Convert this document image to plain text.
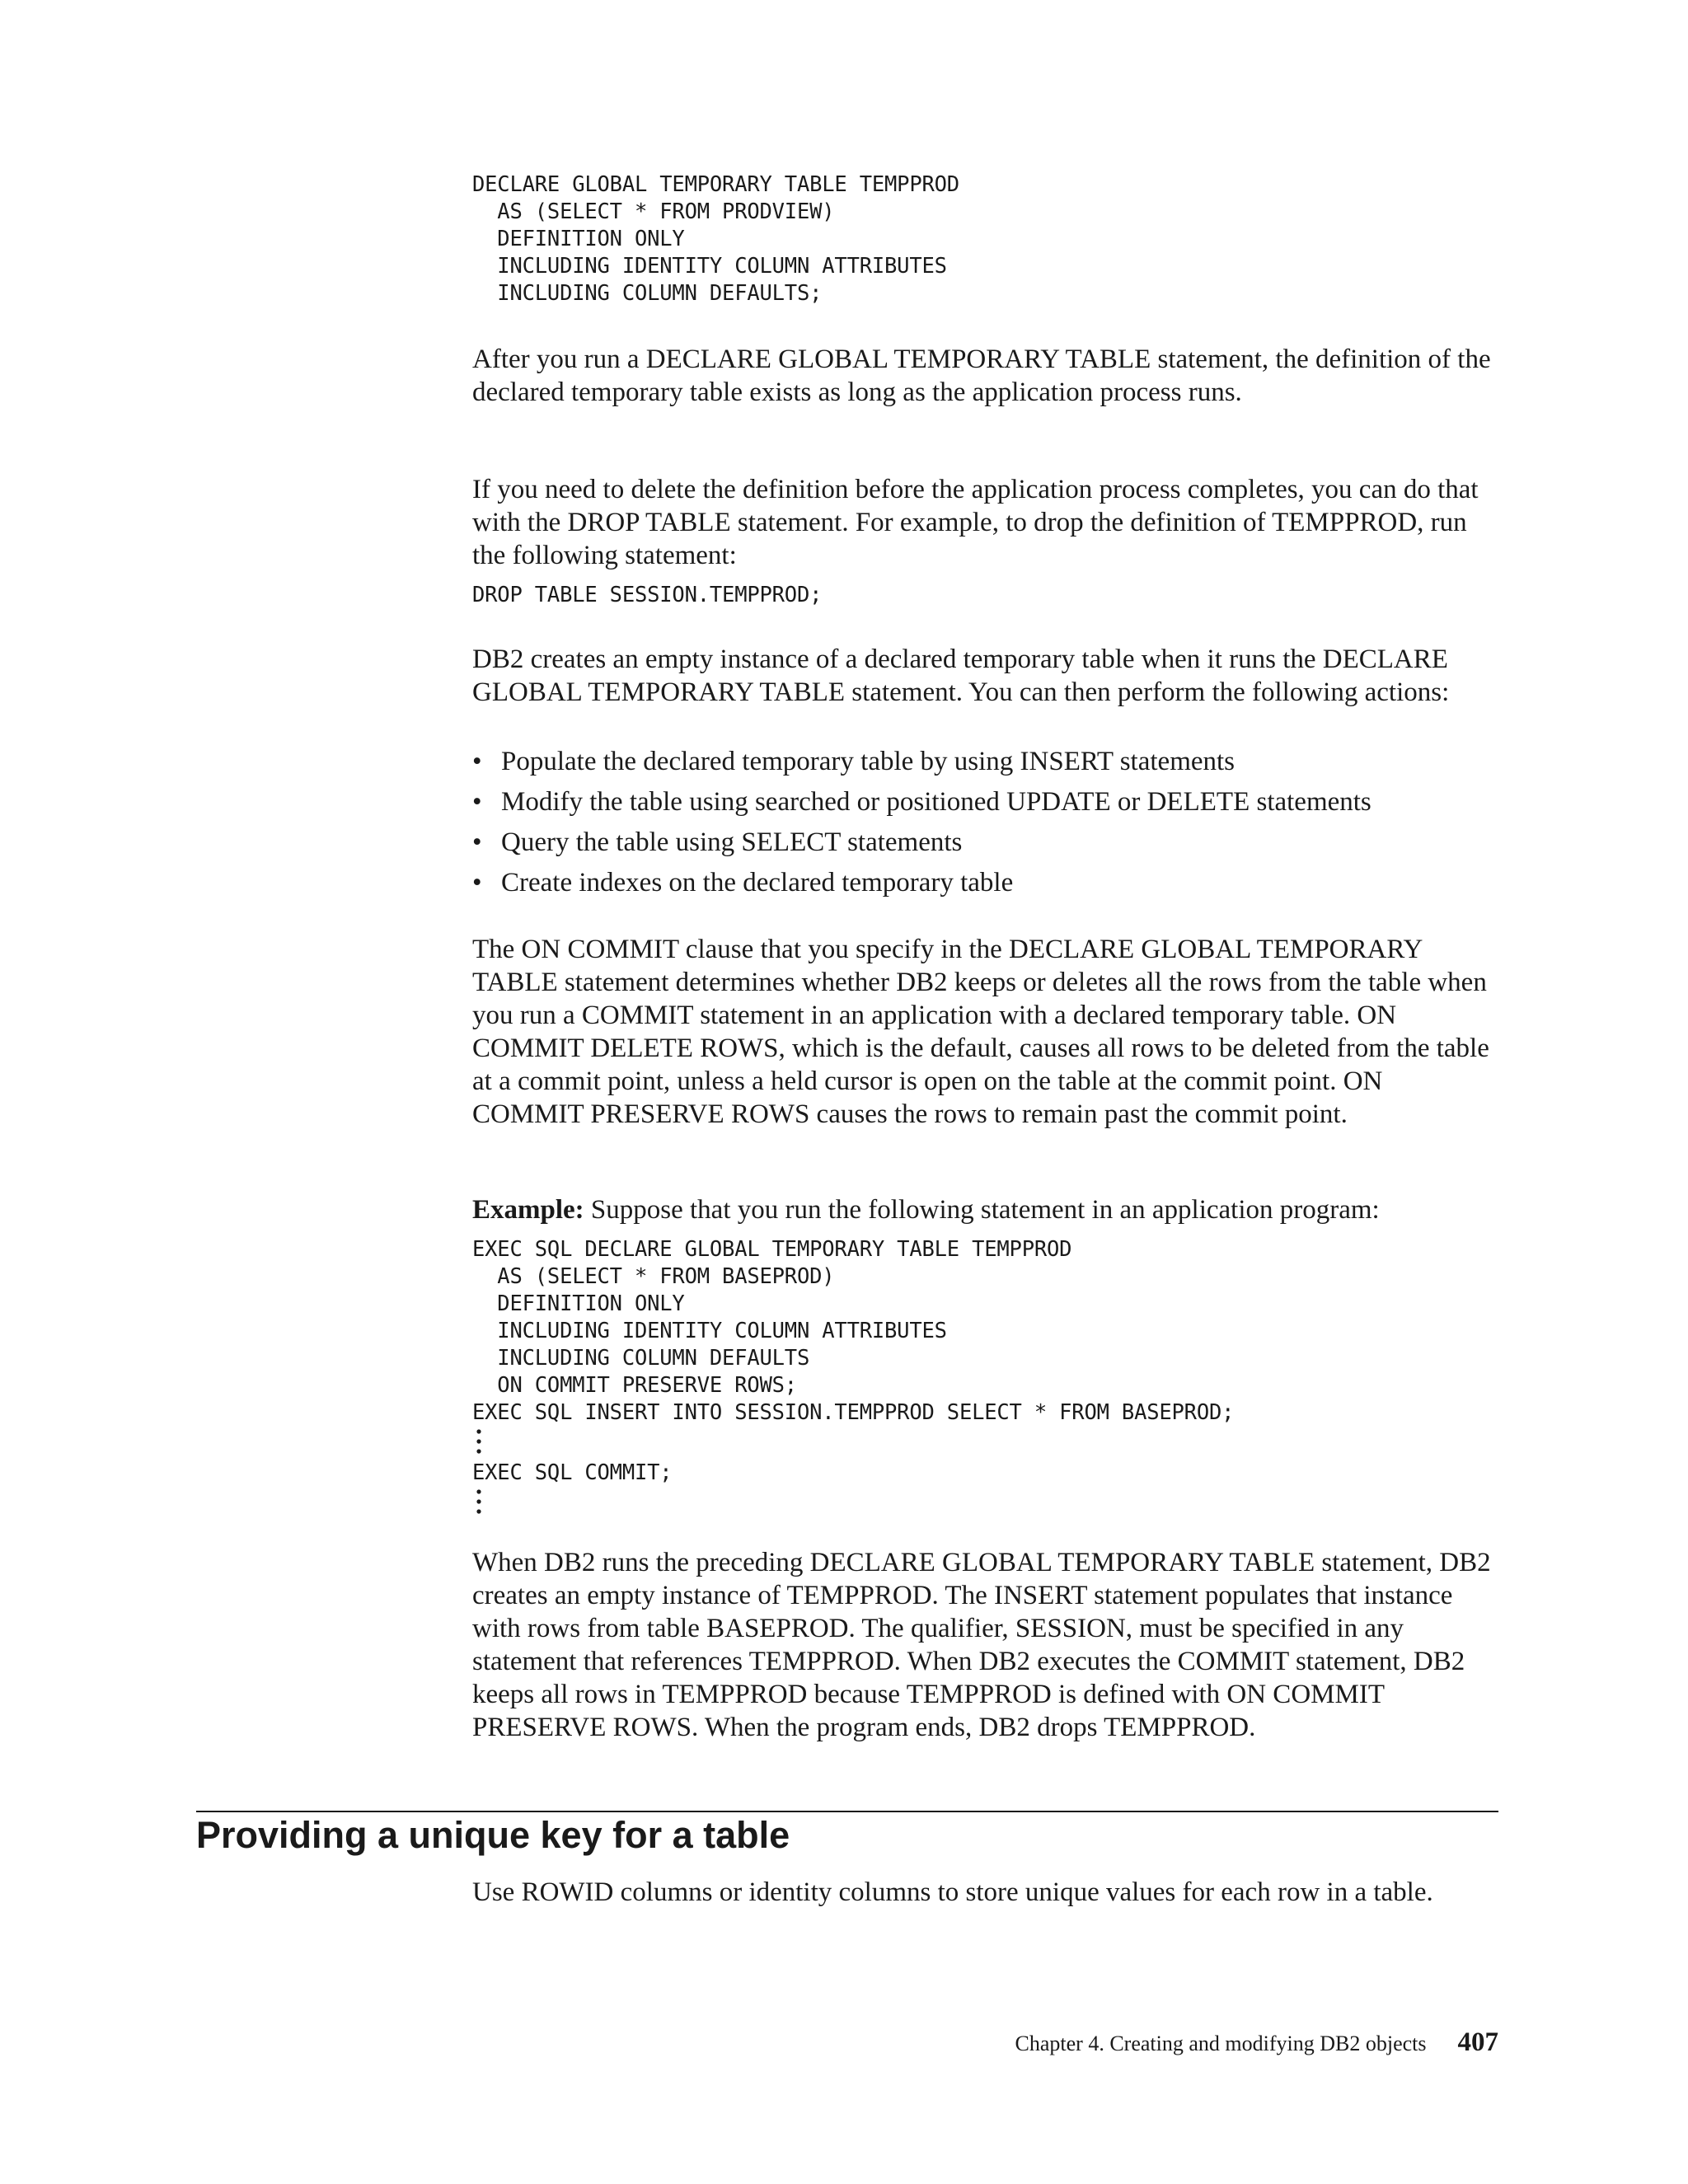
DECLARE GLOBAL TEMPORARY TABLE TEMPPROD
AS (SELECT * FROM PRODVIEW)
DEFINITION ONLY
INCLUDING IDENTITY COLUMN ATTRIBUTES
INCLUDING COLUMN DEFAULTS;

After you run a DECLARE GLOBAL TEMPORARY TABLE statement, the definition of the declared temporary table exists as long as the application process runs.

If you need to delete the definition before the application process completes, you can do that with the DROP TABLE statement. For example, to drop the definition of TEMPPROD, run the following statement:

DROP TABLE SESSION.TEMPPROD;

DB2 creates an empty instance of a declared temporary table when it runs the DECLARE GLOBAL TEMPORARY TABLE statement. You can then perform the following actions:

• Populate the declared temporary table by using INSERT statements
• Modify the table using searched or positioned UPDATE or DELETE statements
• Query the table using SELECT statements
• Create indexes on the declared temporary table

The ON COMMIT clause that you specify in the DECLARE GLOBAL TEMPORARY TABLE statement determines whether DB2 keeps or deletes all the rows from the table when you run a COMMIT statement in an application with a declared temporary table. ON COMMIT DELETE ROWS, which is the default, causes all rows to be deleted from the table at a commit point, unless a held cursor is open on the table at the commit point. ON COMMIT PRESERVE ROWS causes the rows to remain past the commit point.

Example: Suppose that you run the following statement in an application program:

EXEC SQL DECLARE GLOBAL TEMPORARY TABLE TEMPPROD
AS (SELECT * FROM BASEPROD)
DEFINITION ONLY
INCLUDING IDENTITY COLUMN ATTRIBUTES
INCLUDING COLUMN DEFAULTS
ON COMMIT PRESERVE ROWS;
EXEC SQL INSERT INTO SESSION.TEMPPROD SELECT * FROM BASEPROD;
EXEC SQL COMMIT;

When DB2 runs the preceding DECLARE GLOBAL TEMPORARY TABLE statement, DB2 creates an empty instance of TEMPPROD. The INSERT statement populates that instance with rows from table BASEPROD. The qualifier, SESSION, must be specified in any statement that references TEMPPROD. When DB2 executes the COMMIT statement, DB2 keeps all rows in TEMPPROD because TEMPPROD is defined with ON COMMIT PRESERVE ROWS. When the program ends, DB2 drops TEMPPROD.

Providing a unique key for a table

Use ROWID columns or identity columns to store unique values for each row in a table.

Chapter 4. Creating and modifying DB2 objects 407
